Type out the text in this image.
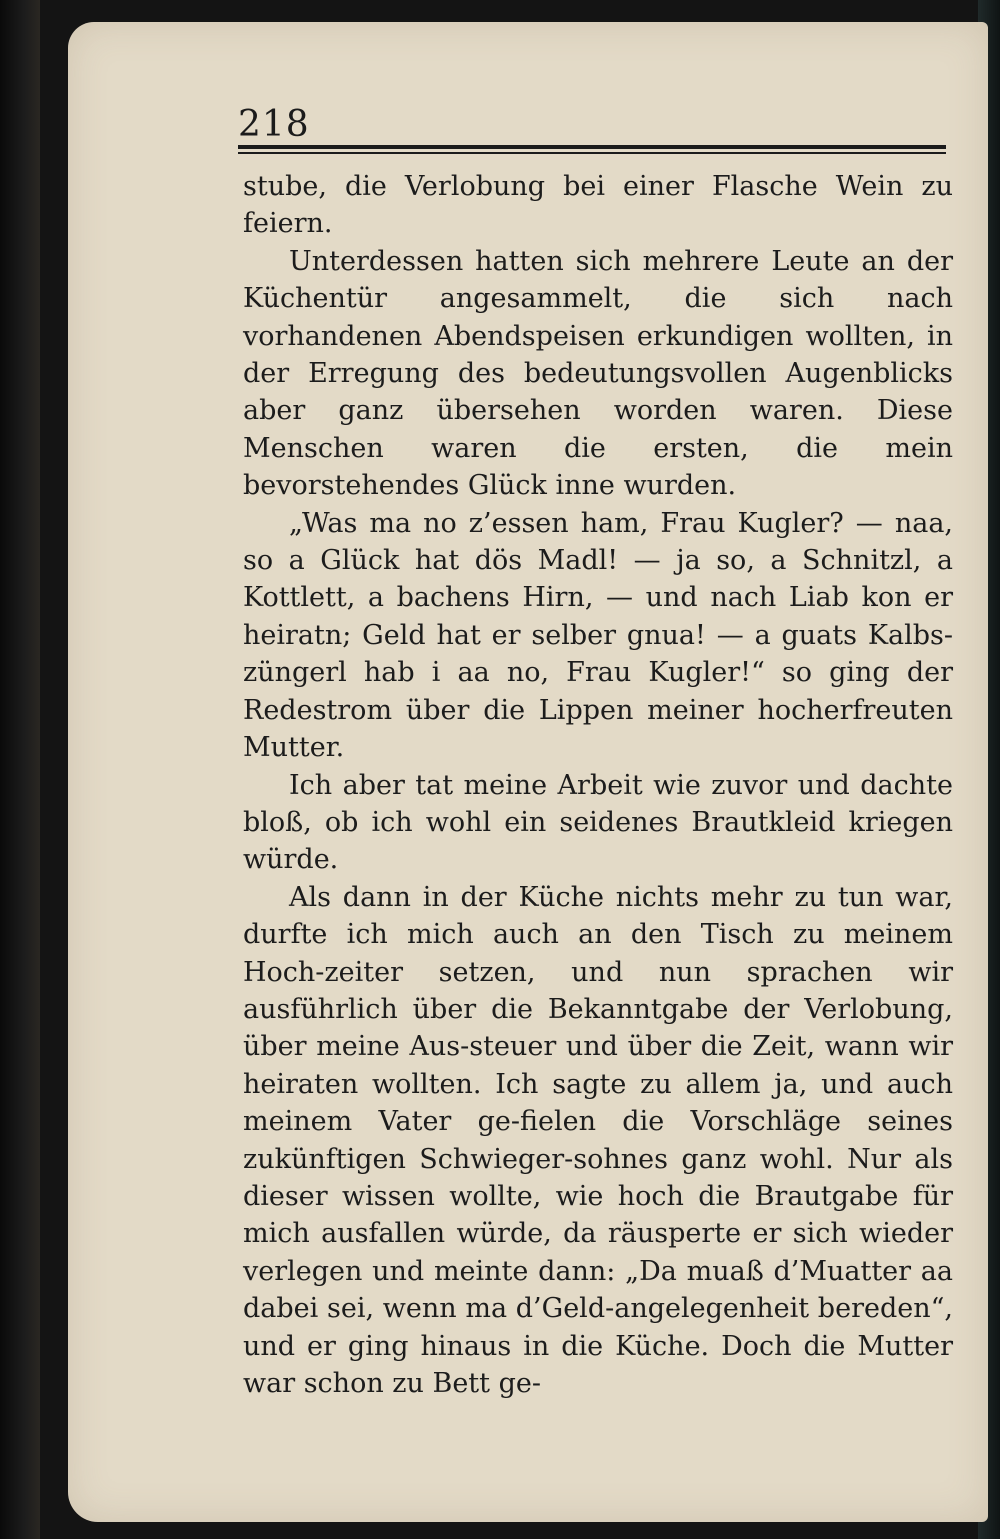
218

stube, die Verlobung bei einer Flasche Wein zu feiern.

Unterdessen hatten sich mehrere Leute an der Küchentür angesammelt, die sich nach vorhandenen Abendspeisen erkundigen wollten, in der Erregung des bedeutungsvollen Augenblicks aber ganz übersehen worden waren. Diese Menschen waren die ersten, die mein bevorstehendes Glück inne wurden.

„Was ma no z’essen ham, Frau Kugler? — naa, so a Glück hat dös Madl! — ja so, a Schnitzl, a Kottlett, a bachens Hirn, — und nach Liab kon er heiratn; Geld hat er selber gnua! — a guats Kalbs-züngerl hab i aa no, Frau Kugler!“ so ging der Redestrom über die Lippen meiner hocherfreuten Mutter.

Ich aber tat meine Arbeit wie zuvor und dachte bloß, ob ich wohl ein seidenes Brautkleid kriegen würde.

Als dann in der Küche nichts mehr zu tun war, durfte ich mich auch an den Tisch zu meinem Hoch-zeiter setzen, und nun sprachen wir ausführlich über die Bekanntgabe der Verlobung, über meine Aus-steuer und über die Zeit, wann wir heiraten wollten. Ich sagte zu allem ja, und auch meinem Vater ge-fielen die Vorschläge seines zukünftigen Schwieger-sohnes ganz wohl. Nur als dieser wissen wollte, wie hoch die Brautgabe für mich ausfallen würde, da räusperte er sich wieder verlegen und meinte dann: „Da muaß d’Muatter aa dabei sei, wenn ma d’Geld-angelegenheit bereden“, und er ging hinaus in die Küche. Doch die Mutter war schon zu Bett ge-
